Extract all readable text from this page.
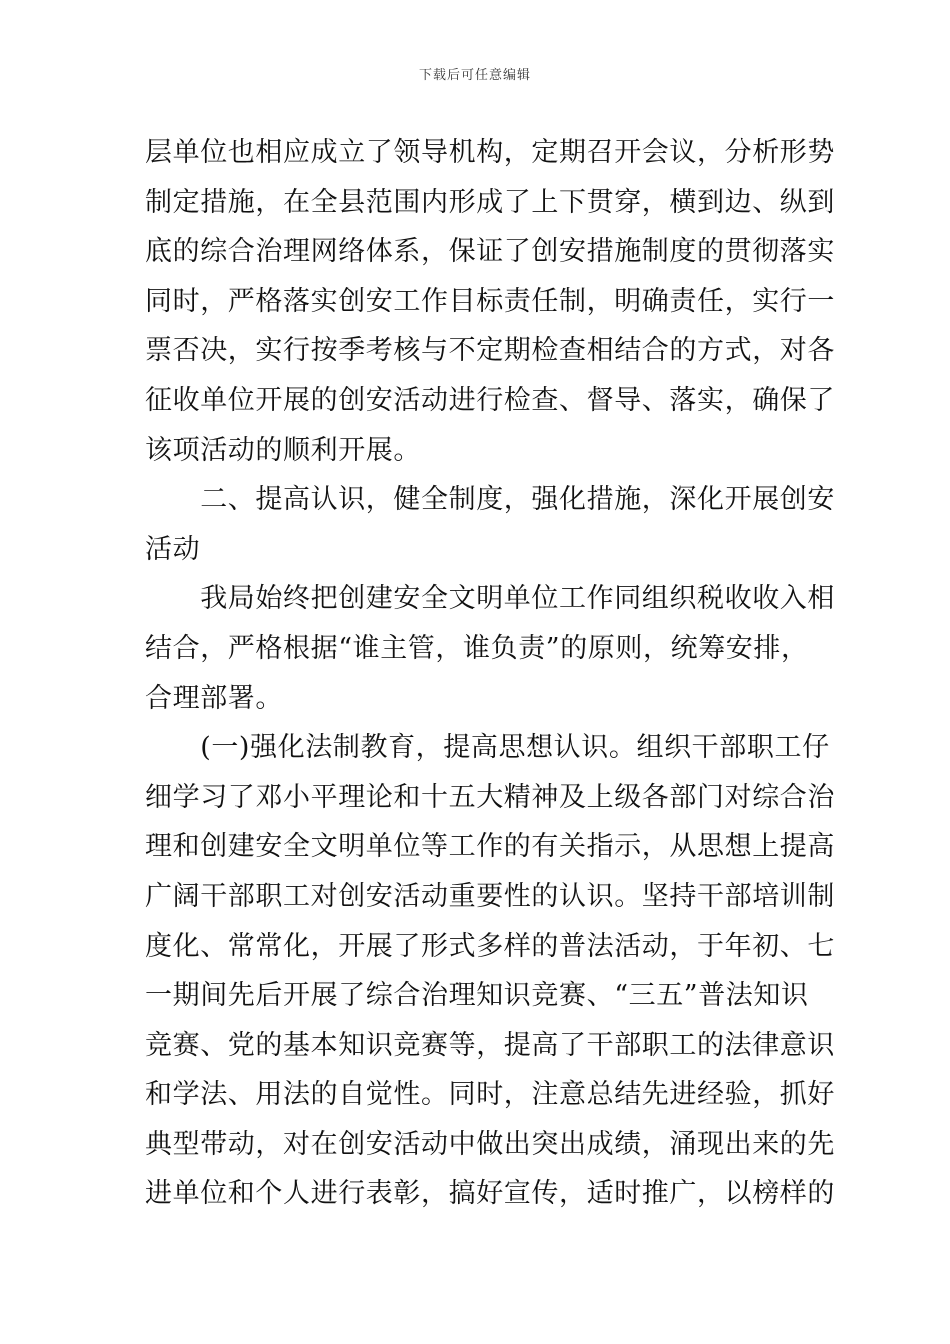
下载后可任意编辑
层单位也相应成立了领导机构，定期召开会议，分析形势
制定措施，在全县范围内形成了上下贯穿，横到边、纵到
底的综合治理网络体系，保证了创安措施制度的贯彻落实
同时，严格落实创安工作目标责任制，明确责任，实行一
票否决，实行按季考核与不定期检查相结合的方式，对各
征收单位开展的创安活动进行检查、督导、落实，确保了
该项活动的顺利开展。
　　二、提高认识，健全制度，强化措施，深化开展创安
活动
　　我局始终把创建安全文明单位工作同组织税收收入相
结合，严格根据“谁主管，谁负责”的原则，统筹安排，
合理部署。
　　(一)强化法制教育，提高思想认识。组织干部职工仔
细学习了邓小平理论和十五大精神及上级各部门对综合治
理和创建安全文明单位等工作的有关指示，从思想上提高
广阔干部职工对创安活动重要性的认识。坚持干部培训制
度化、常常化，开展了形式多样的普法活动，于年初、七
一期间先后开展了综合治理知识竞赛、“三五”普法知识
竞赛、党的基本知识竞赛等，提高了干部职工的法律意识
和学法、用法的自觉性。同时，注意总结先进经验，抓好
典型带动，对在创安活动中做出突出成绩，涌现出来的先
进单位和个人进行表彰，搞好宣传，适时推广，以榜样的
